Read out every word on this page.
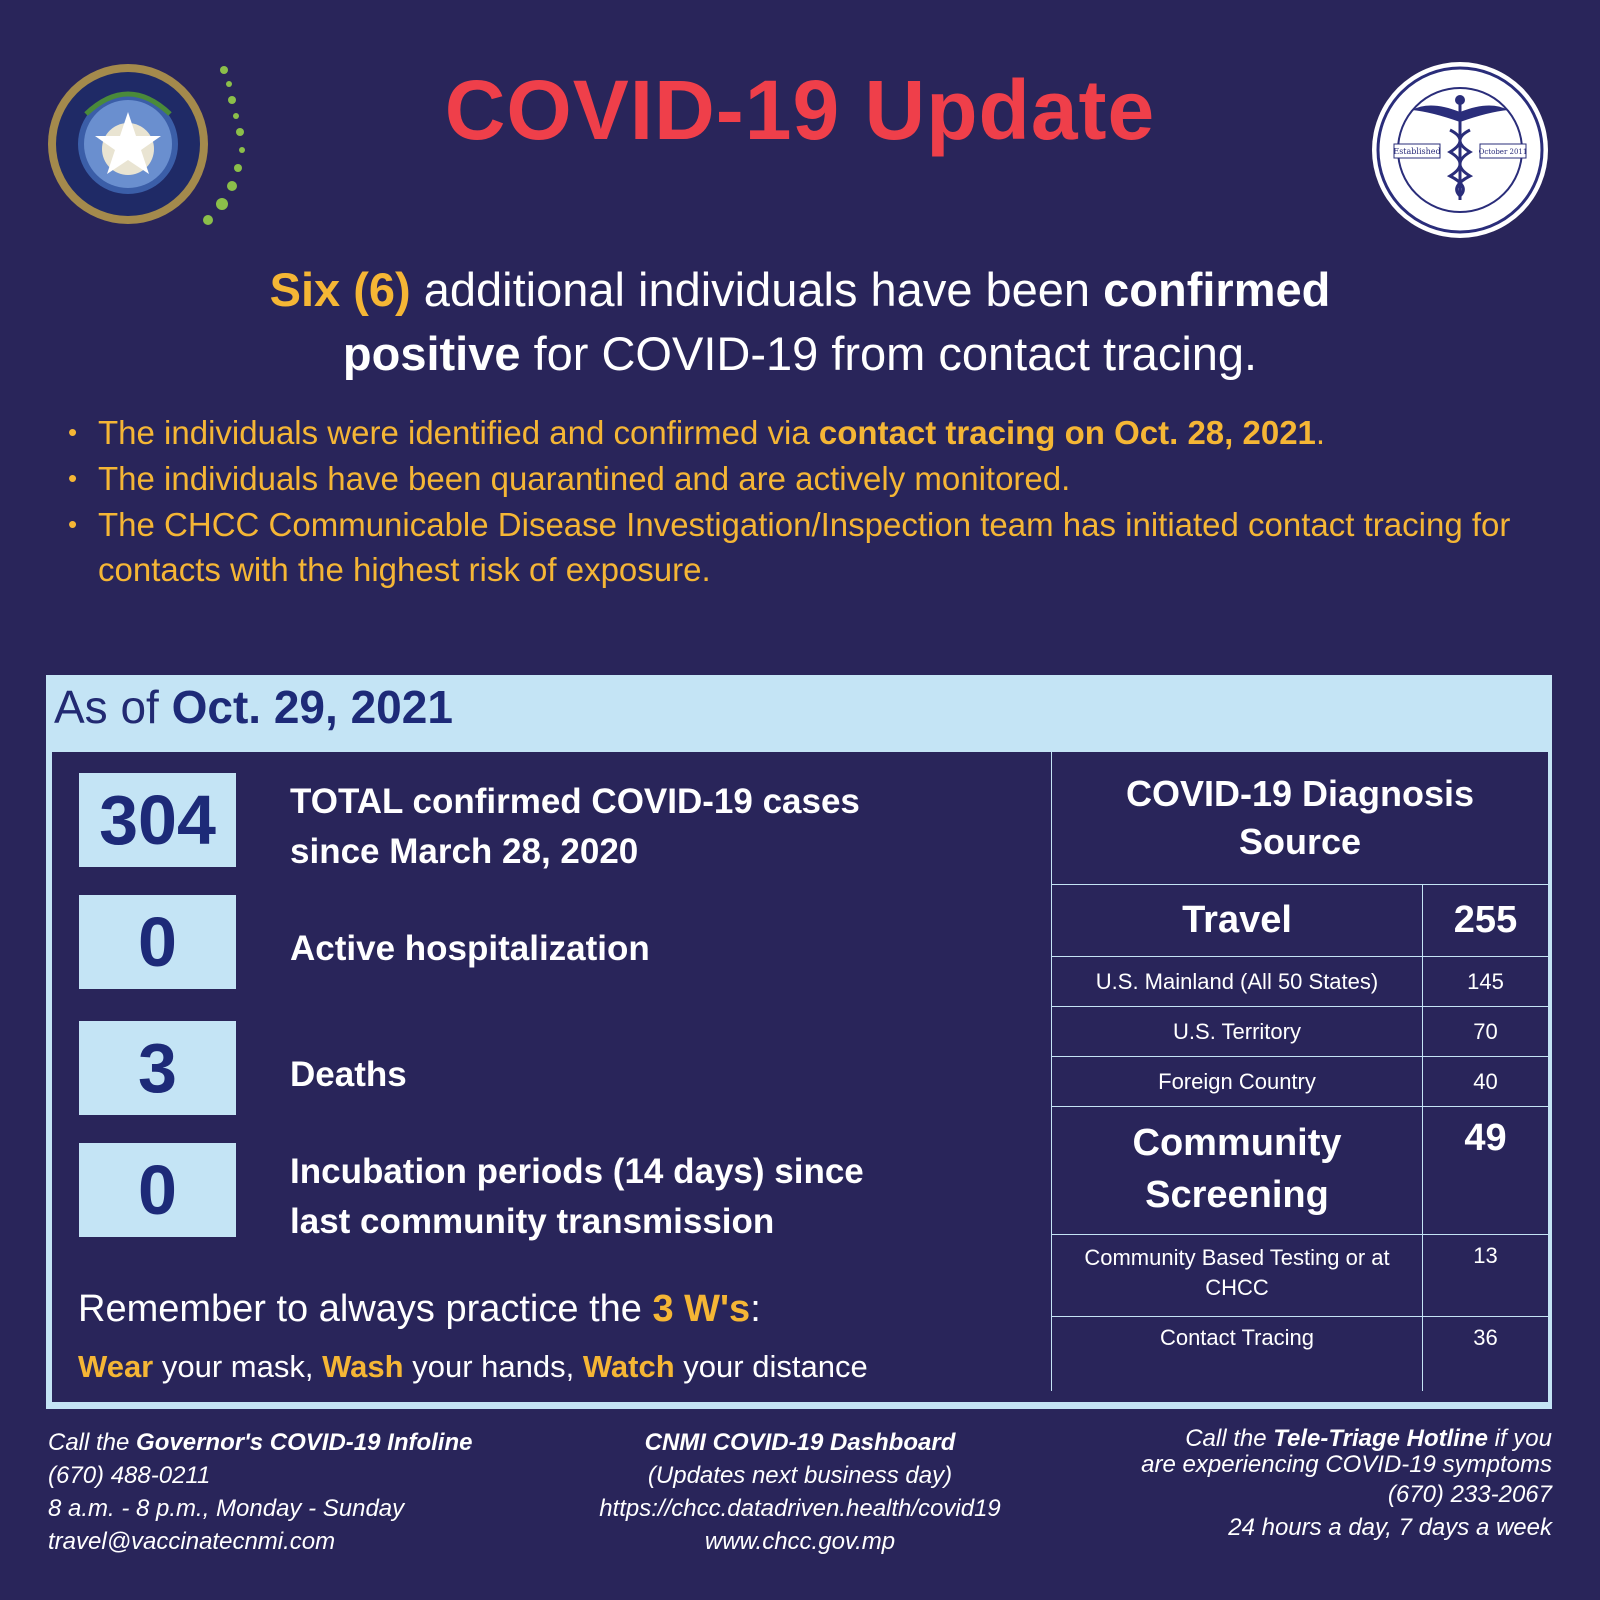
COVID-19 Update	Established	October 2011
Six (6) additional individuals have been confirmed
positive for COVID-19 from contact tracing.
• The individuals were identified and confirmed via contact tracing on Oct. 28, 2021.
• The individuals have been quarantined and are actively monitored.
• The CHCC Communicable Disease Investigation/Inspection team has initiated contact tracing for contacts with the highest risk of exposure.
As of Oct. 29, 2021
304	TOTAL confirmed COVID-19 cases
since March 28, 2020
0	Active hospitalization
3	Deaths
0	Incubation periods (14 days) since
last community transmission
Remember to always practice the 3 W's:
Wear your mask, Wash your hands, Watch your distance
COVID-19 Diagnosis
Source	

Travel	255
U.S. Mainland (All 50 States)	145
U.S. Territory	70
Foreign Country	40

Community
Screening	49
Community Based Testing or at CHCC	13
Contact Tracing	36
Call the Governor's COVID-19 Infoline
(670) 488-0211
8 a.m. - 8 p.m., Monday - Sunday
travel@vaccinatecnmi.com
CNMI COVID-19 Dashboard
(Updates next business day)
https://chcc.datadriven.health/covid19
www.chcc.gov.mp
Call the Tele-Triage Hotline if you
are experiencing COVID-19 symptoms
(670) 233-2067
24 hours a day, 7 days a week
